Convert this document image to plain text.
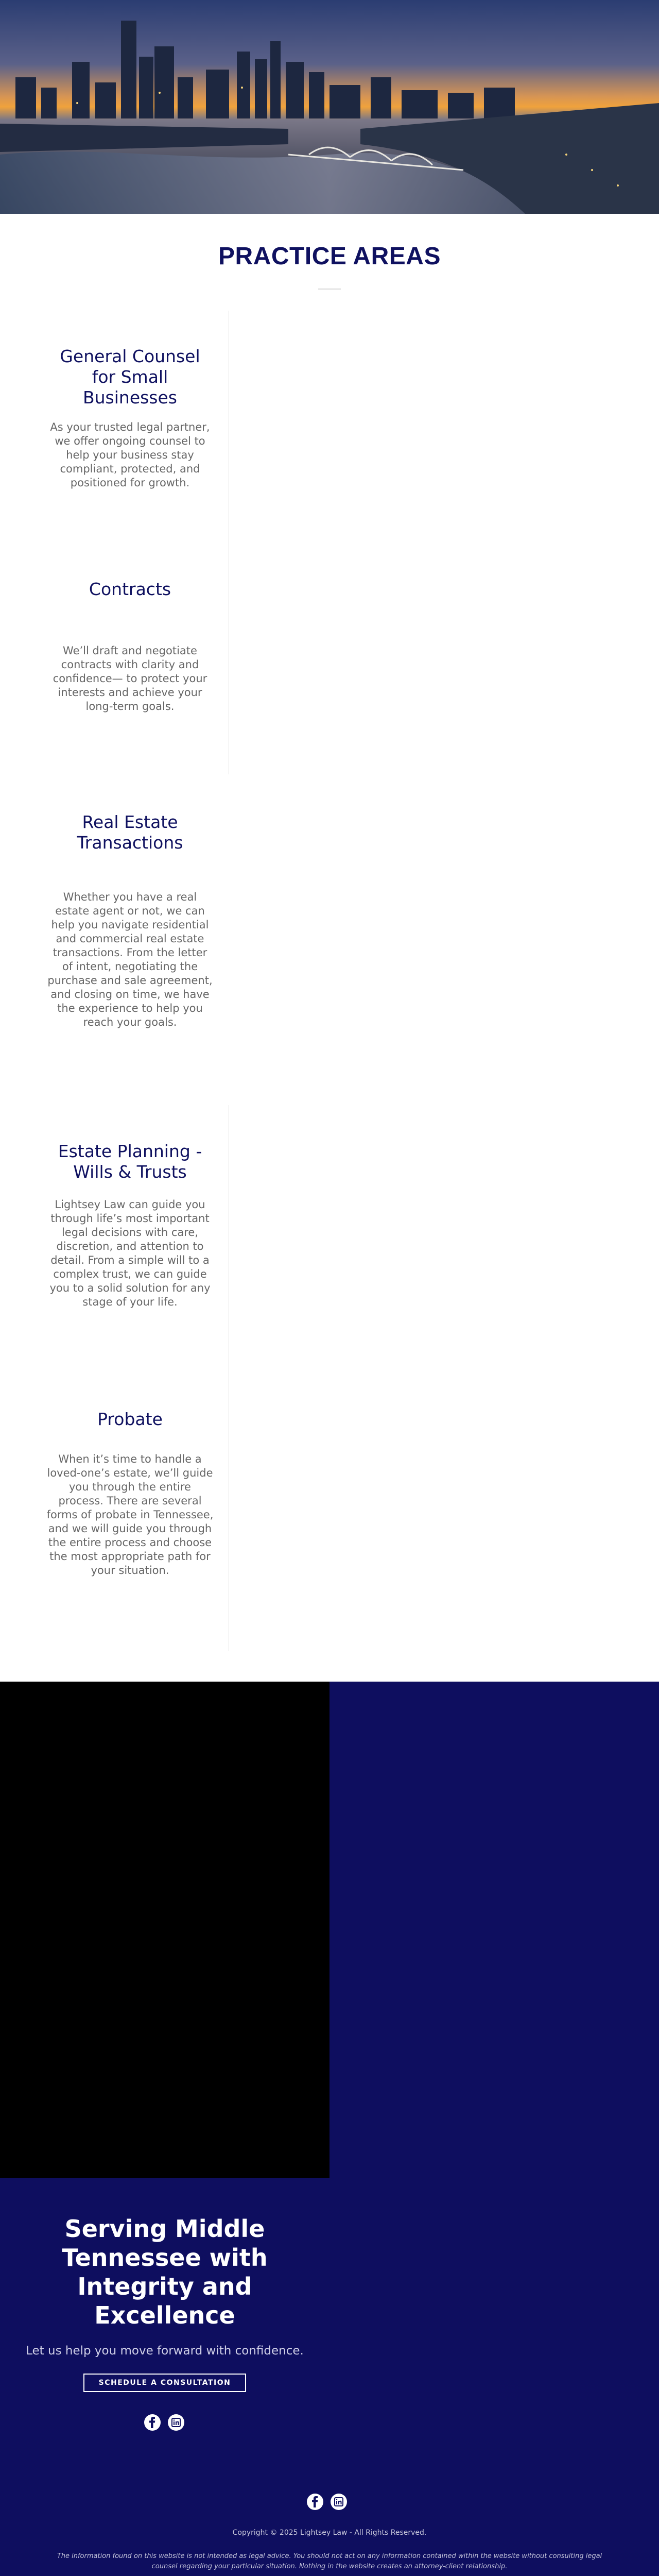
PRACTICE AREAS
General Counsel for Small Businesses

As your trusted legal partner, we offer ongoing counsel to help your business stay compliant, protected, and positioned for growth.

Contracts

We’ll draft and negotiate contracts with clarity and confidence— to protect your interests and achieve your long-term goals.

Real Estate Transactions

Whether you have a real estate agent or not, we can help you navigate residential and commercial real estate transactions. From the letter of intent, negotiating the purchase and sale agreement, and closing on time, we have the experience to help you reach your goals.

Estate Planning - Wills & Trusts

Lightsey Law can guide you through life’s most important legal decisions with care, discretion, and attention to detail. From a simple will to a complex trust, we can guide you to a solid solution for any stage of your life.

Probate

When it’s time to handle a loved-one’s estate, we’ll guide you through the entire process. There are several forms of probate in Tennessee, and we will guide you through the entire process and choose the most appropriate path for your situation.

Serving Middle Tennessee with Integrity and Excellence

Let us help you move forward with confidence.

SCHEDULE A CONSULTATION

Copyright © 2025 Lightsey Law - All Rights Reserved.

The information found on this website is not intended as legal advice. You should not act on any information contained within the website without consulting legal counsel regarding your particular situation. Nothing in the website creates an attorney-client relationship.
